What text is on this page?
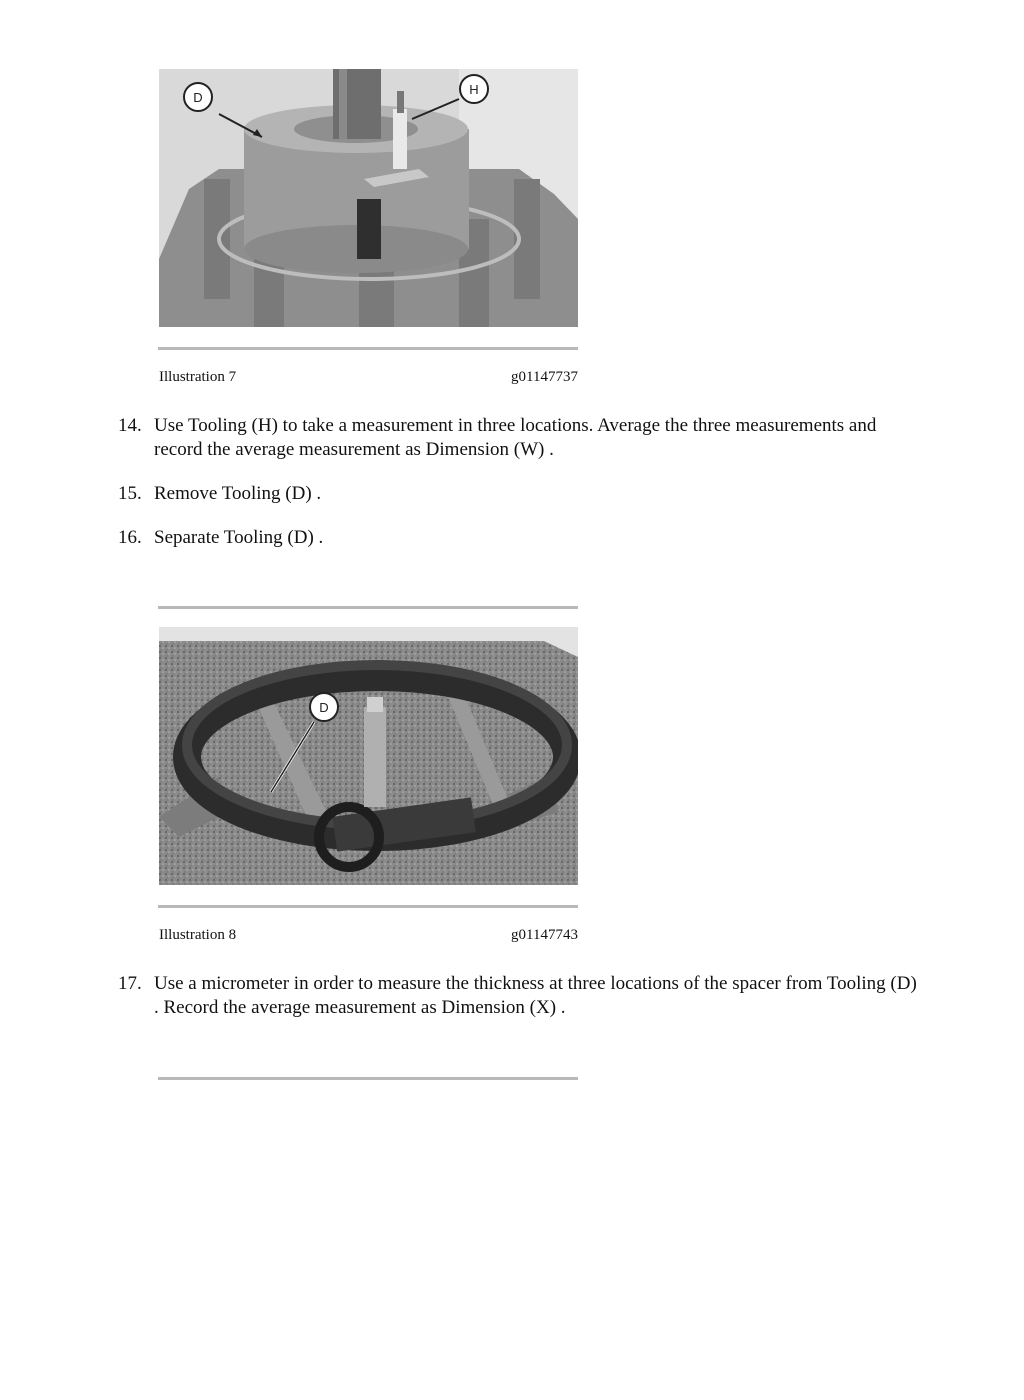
D
H
Illustration 7	g01147737
14. Use Tooling (H) to take a measurement in three locations. Average the three measurements and record the average measurement as Dimension (W) .
15. Remove Tooling (D) .
16. Separate Tooling (D) .
D
Illustration 8	g01147743
17. Use a micrometer in order to measure the thickness at three locations of the spacer from Tooling (D) . Record the average measurement as Dimension (X) .
